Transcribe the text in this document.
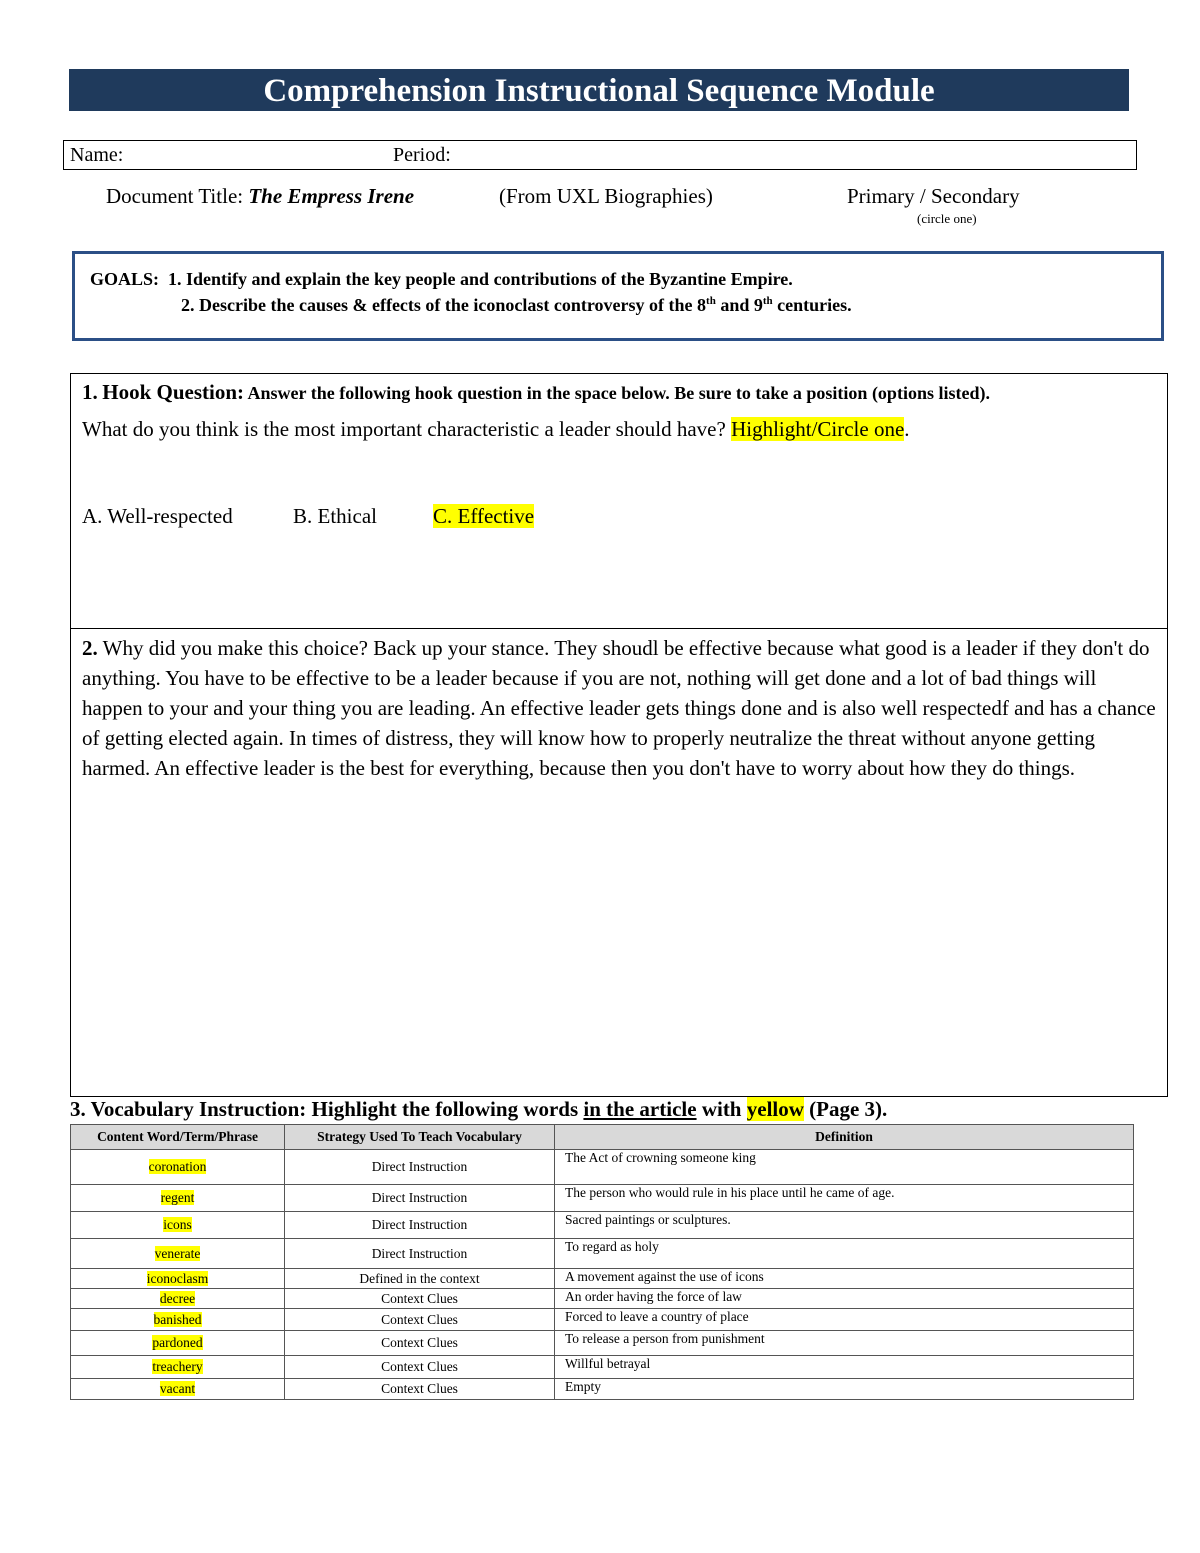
Comprehension Instructional Sequence Module
Name:	Period:
Document Title: The Empress Irene	(From UXL Biographies)	Primary / Secondary
(circle one)
GOALS: 1. Identify and explain the key people and contributions of the Byzantine Empire.
2. Describe the causes & effects of the iconoclast controversy of the 8th and 9th centuries.
1. Hook Question: Answer the following hook question in the space below. Be sure to take a position (options listed).
What do you think is the most important characteristic a leader should have? Highlight/Circle one.
A. Well-respected	B. Ethical	C. Effective
2. Why did you make this choice? Back up your stance. They shoudl be effective because what good is a leader if they don't do anything. You have to be effective to be a leader because if you are not, nothing will get done and a lot of bad things will happen to your and your thing you are leading. An effective leader gets things done and is also well respectedf and has a chance of getting elected again. In times of distress, they will know how to properly neutralize the threat without anyone getting harmed. An effective leader is the best for everything, because then you don't have to worry about how they do things.
3. Vocabulary Instruction: Highlight the following words in the article with yellow (Page 3).
Content Word/Term/Phrase	Strategy Used To Teach Vocabulary	Definition
coronation	Direct Instruction	The Act of crowning someone king
regent	Direct Instruction	The person who would rule in his place until he came of age.
icons	Direct Instruction	Sacred paintings or sculptures.
venerate	Direct Instruction	To regard as holy
iconoclasm	Defined in the context	A movement against the use of icons
decree	Context Clues	An order having the force of law
banished	Context Clues	Forced to leave a country of place
pardoned	Context Clues	To release a person from punishment
treachery	Context Clues	Willful betrayal
vacant	Context Clues	Empty
